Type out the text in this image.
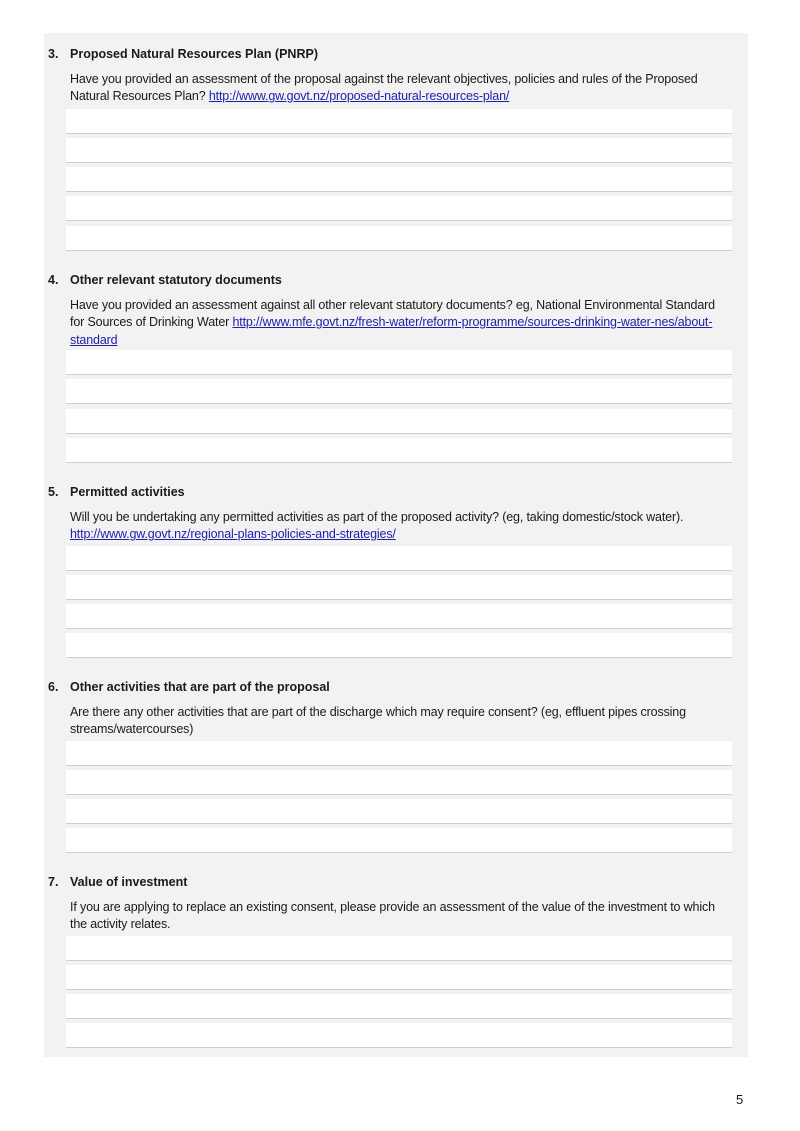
3. Proposed Natural Resources Plan (PNRP)
Have you provided an assessment of the proposal against the relevant objectives, policies and rules of the Proposed Natural Resources Plan? http://www.gw.govt.nz/proposed-natural-resources-plan/
4. Other relevant statutory documents
Have you provided an assessment against all other relevant statutory documents? eg, National Environmental Standard for Sources of Drinking Water http://www.mfe.govt.nz/fresh-water/reform-programme/sources-drinking-water-nes/about-standard
5. Permitted activities
Will you be undertaking any permitted activities as part of the proposed activity? (eg, taking domestic/stock water). http://www.gw.govt.nz/regional-plans-policies-and-strategies/
6. Other activities that are part of the proposal
Are there any other activities that are part of the discharge which may require consent? (eg, effluent pipes crossing streams/watercourses)
7. Value of investment
If you are applying to replace an existing consent, please provide an assessment of the value of the investment to which the activity relates.
5
